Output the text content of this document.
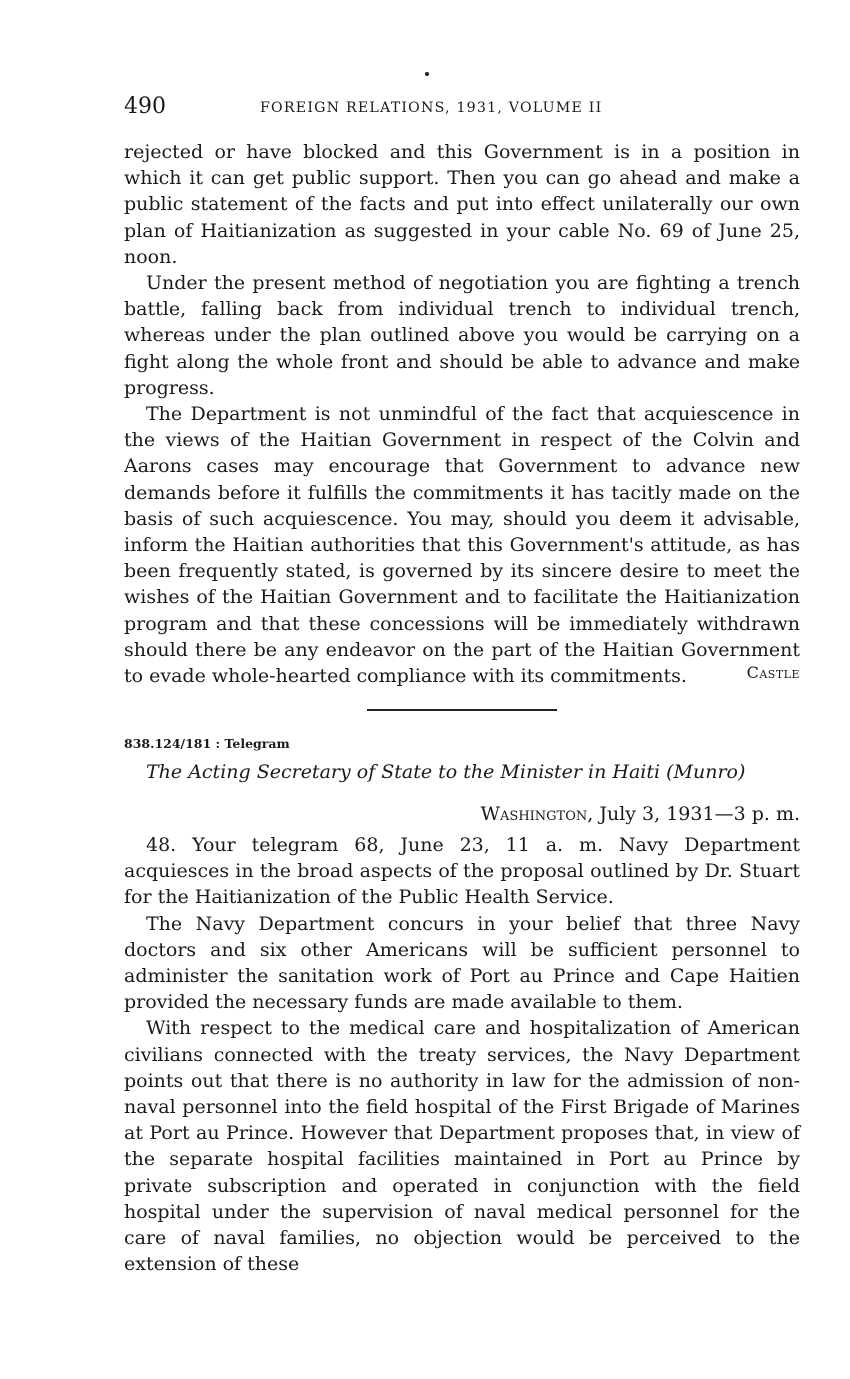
490	FOREIGN RELATIONS, 1931, VOLUME II

rejected or have blocked and this Government is in a position in which it can get public support. Then you can go ahead and make a public statement of the facts and put into effect unilaterally our own plan of Haitianization as suggested in your cable No. 69 of June 25, noon.

Under the present method of negotiation you are fighting a trench battle, falling back from individual trench to individual trench, whereas under the plan outlined above you would be carrying on a fight along the whole front and should be able to advance and make progress.

The Department is not unmindful of the fact that acquiescence in the views of the Haitian Government in respect of the Colvin and Aarons cases may encourage that Government to advance new demands before it fulfills the commitments it has tacitly made on the basis of such acquiescence. You may, should you deem it advisable, inform the Haitian authorities that this Government's attitude, as has been frequently stated, is governed by its sincere desire to meet the wishes of the Haitian Government and to facilitate the Haitianization program and that these concessions will be immediately withdrawn should there be any endeavor on the part of the Haitian Government to evade whole-hearted compliance with its commitments.	Castle
838.124/181 : Telegram
The Acting Secretary of State to the Minister in Haiti (Munro)
Washington, July 3, 1931—3 p. m.

48. Your telegram 68, June 23, 11 a. m. Navy Department acquiesces in the broad aspects of the proposal outlined by Dr. Stuart for the Haitianization of the Public Health Service.

The Navy Department concurs in your belief that three Navy doctors and six other Americans will be sufficient personnel to administer the sanitation work of Port au Prince and Cape Haitien provided the necessary funds are made available to them.

With respect to the medical care and hospitalization of American civilians connected with the treaty services, the Navy Department points out that there is no authority in law for the admission of non-naval personnel into the field hospital of the First Brigade of Marines at Port au Prince. However that Department proposes that, in view of the separate hospital facilities maintained in Port au Prince by private subscription and operated in conjunction with the field hospital under the supervision of naval medical personnel for the care of naval families, no objection would be perceived to the extension of these
